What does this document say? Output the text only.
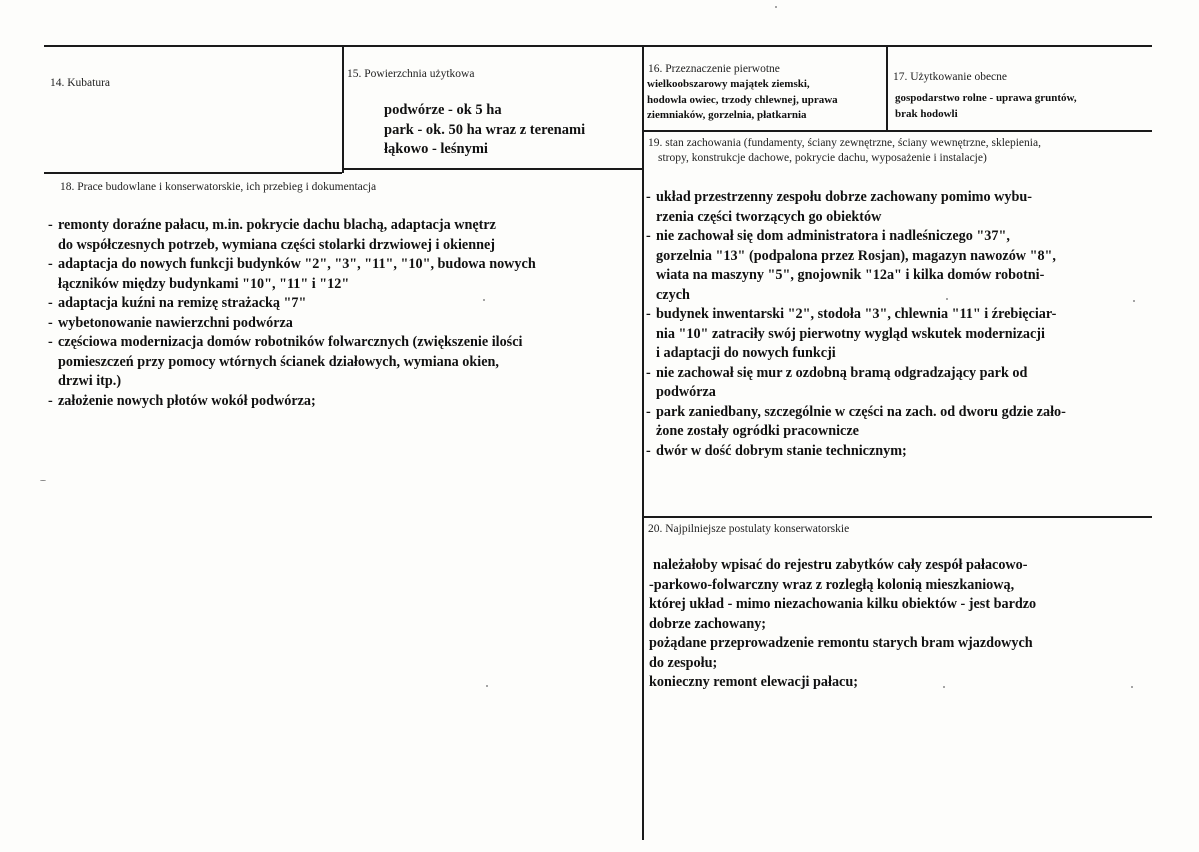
14. Kubatura
15. Powierzchnia użytkowa
podwórze - ok 5 ha
park - ok. 50 ha wraz z terenami
łąkowo - leśnymi
16. Przeznaczenie pierwotne
wielkoobszarowy majątek ziemski,
hodowla owiec, trzody chlewnej, uprawa
ziemniaków, gorzelnia, płatkarnia
17. Użytkowanie obecne
gospodarstwo rolne - uprawa gruntów,
brak hodowli
18. Prace budowlane i konserwatorskie, ich przebieg i dokumentacja
- remonty doraźne pałacu, m.in. pokrycie dachu blachą, adaptacja wnętrz
do współczesnych potrzeb, wymiana części stolarki drzwiowej i okiennej
- adaptacja do nowych funkcji budynków "2", "3", "11", "10", budowa nowych
łączników między budynkami "10", "11" i "12"
- adaptacja kuźni na remizę strażacką "7"
- wybetonowanie nawierzchni podwórza
- częściowa modernizacja domów robotników folwarcznych (zwiększenie ilości
pomieszczeń przy pomocy wtórnych ścianek działowych, wymiana okien,
drzwi itp.)
- założenie nowych płotów wokół podwórza;
19. stan zachowania (fundamenty, ściany zewnętrzne, ściany wewnętrzne, sklepienia,
stropy, konstrukcje dachowe, pokrycie dachu, wyposażenie i instalacje)
- układ przestrzenny zespołu dobrze zachowany pomimo wybu-
rzenia części tworzących go obiektów
- nie zachował się dom administratora i nadleśniczego "37",
gorzelnia "13" (podpalona przez Rosjan), magazyn nawozów "8",
wiata na maszyny "5", gnojownik "12a" i kilka domów robotni-
czych
- budynek inwentarski "2", stodoła "3", chlewnia "11" i źrebięciar-
nia "10" zatraciły swój pierwotny wygląd wskutek modernizacji
i adaptacji do nowych funkcji
- nie zachował się mur z ozdobną bramą odgradzający park od
podwórza
- park zaniedbany, szczególnie w części na zach. od dworu gdzie zało-
żone zostały ogródki pracownicze
- dwór w dość dobrym stanie technicznym;
20. Najpilniejsze postulaty konserwatorskie
należałoby wpisać do rejestru zabytków cały zespół pałacowo-
-parkowo-folwarczny wraz z rozległą kolonią mieszkaniową,
której układ - mimo niezachowania kilku obiektów - jest bardzo
dobrze zachowany;
pożądane przeprowadzenie remontu starych bram wjazdowych
do zespołu;
konieczny remont elewacji pałacu;
